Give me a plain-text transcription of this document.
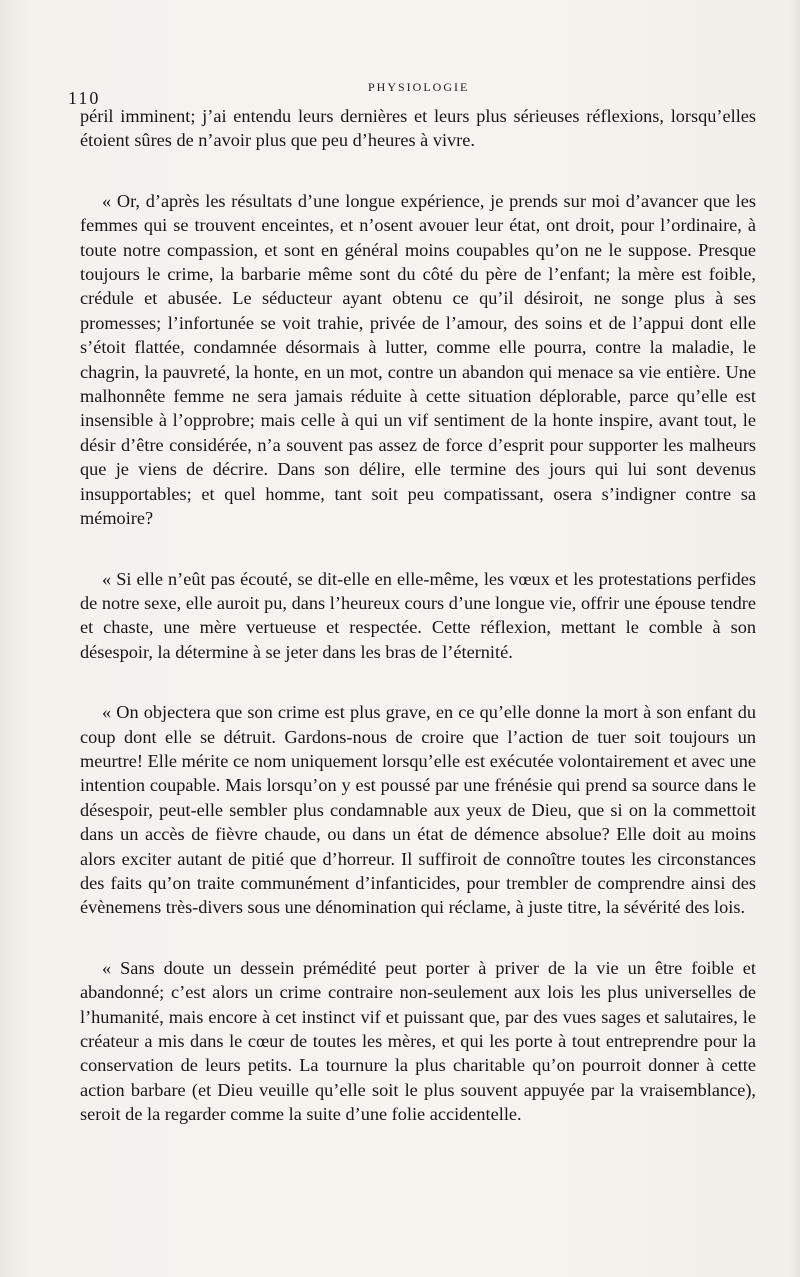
110
PHYSIOLOGIE

péril imminent; j’ai entendu leurs dernières et leurs plus sérieuses réflexions, lorsqu’elles étoient sûres de n’avoir plus que peu d’heures à vivre.

« Or, d’après les résultats d’une longue expérience, je prends sur moi d’avancer que les femmes qui se trouvent enceintes, et n’osent avouer leur état, ont droit, pour l’ordinaire, à toute notre compassion, et sont en général moins coupables qu’on ne le suppose. Presque toujours le crime, la barbarie même sont du côté du père de l’enfant; la mère est foible, crédule et abusée. Le séducteur ayant obtenu ce qu’il désiroit, ne songe plus à ses promesses; l’infortunée se voit trahie, privée de l’amour, des soins et de l’appui dont elle s’étoit flattée, condamnée désormais à lutter, comme elle pourra, contre la maladie, le chagrin, la pauvreté, la honte, en un mot, contre un abandon qui menace sa vie entière. Une malhonnête femme ne sera jamais réduite à cette situation déplorable, parce qu’elle est insensible à l’opprobre; mais celle à qui un vif sentiment de la honte inspire, avant tout, le désir d’être considérée, n’a souvent pas assez de force d’esprit pour supporter les malheurs que je viens de décrire. Dans son délire, elle termine des jours qui lui sont devenus insupportables; et quel homme, tant soit peu compatissant, osera s’indigner contre sa mémoire?

« Si elle n’eût pas écouté, se dit-elle en elle-même, les vœux et les protestations perfides de notre sexe, elle auroit pu, dans l’heureux cours d’une longue vie, offrir une épouse tendre et chaste, une mère vertueuse et respectée. Cette réflexion, mettant le comble à son désespoir, la détermine à se jeter dans les bras de l’éternité.

« On objectera que son crime est plus grave, en ce qu’elle donne la mort à son enfant du coup dont elle se détruit. Gardons-nous de croire que l’action de tuer soit toujours un meurtre! Elle mérite ce nom uniquement lorsqu’elle est exécutée volontairement et avec une intention coupable. Mais lorsqu’on y est poussé par une frénésie qui prend sa source dans le désespoir, peut-elle sembler plus condamnable aux yeux de Dieu, que si on la commettoit dans un accès de fièvre chaude, ou dans un état de démence absolue? Elle doit au moins alors exciter autant de pitié que d’horreur. Il suffiroit de connoître toutes les circonstances des faits qu’on traite communément d’infanticides, pour trembler de comprendre ainsi des évènemens très-divers sous une dénomination qui réclame, à juste titre, la sévérité des lois.

« Sans doute un dessein prémédité peut porter à priver de la vie un être foible et abandonné; c’est alors un crime contraire non-seulement aux lois les plus universelles de l’humanité, mais encore à cet instinct vif et puissant que, par des vues sages et salutaires, le créateur a mis dans le cœur de toutes les mères, et qui les porte à tout entreprendre pour la conservation de leurs petits. La tournure la plus charitable qu’on pourroit donner à cette action barbare (et Dieu veuille qu’elle soit le plus souvent appuyée par la vraisemblance), seroit de la regarder comme la suite d’une folie accidentelle.
